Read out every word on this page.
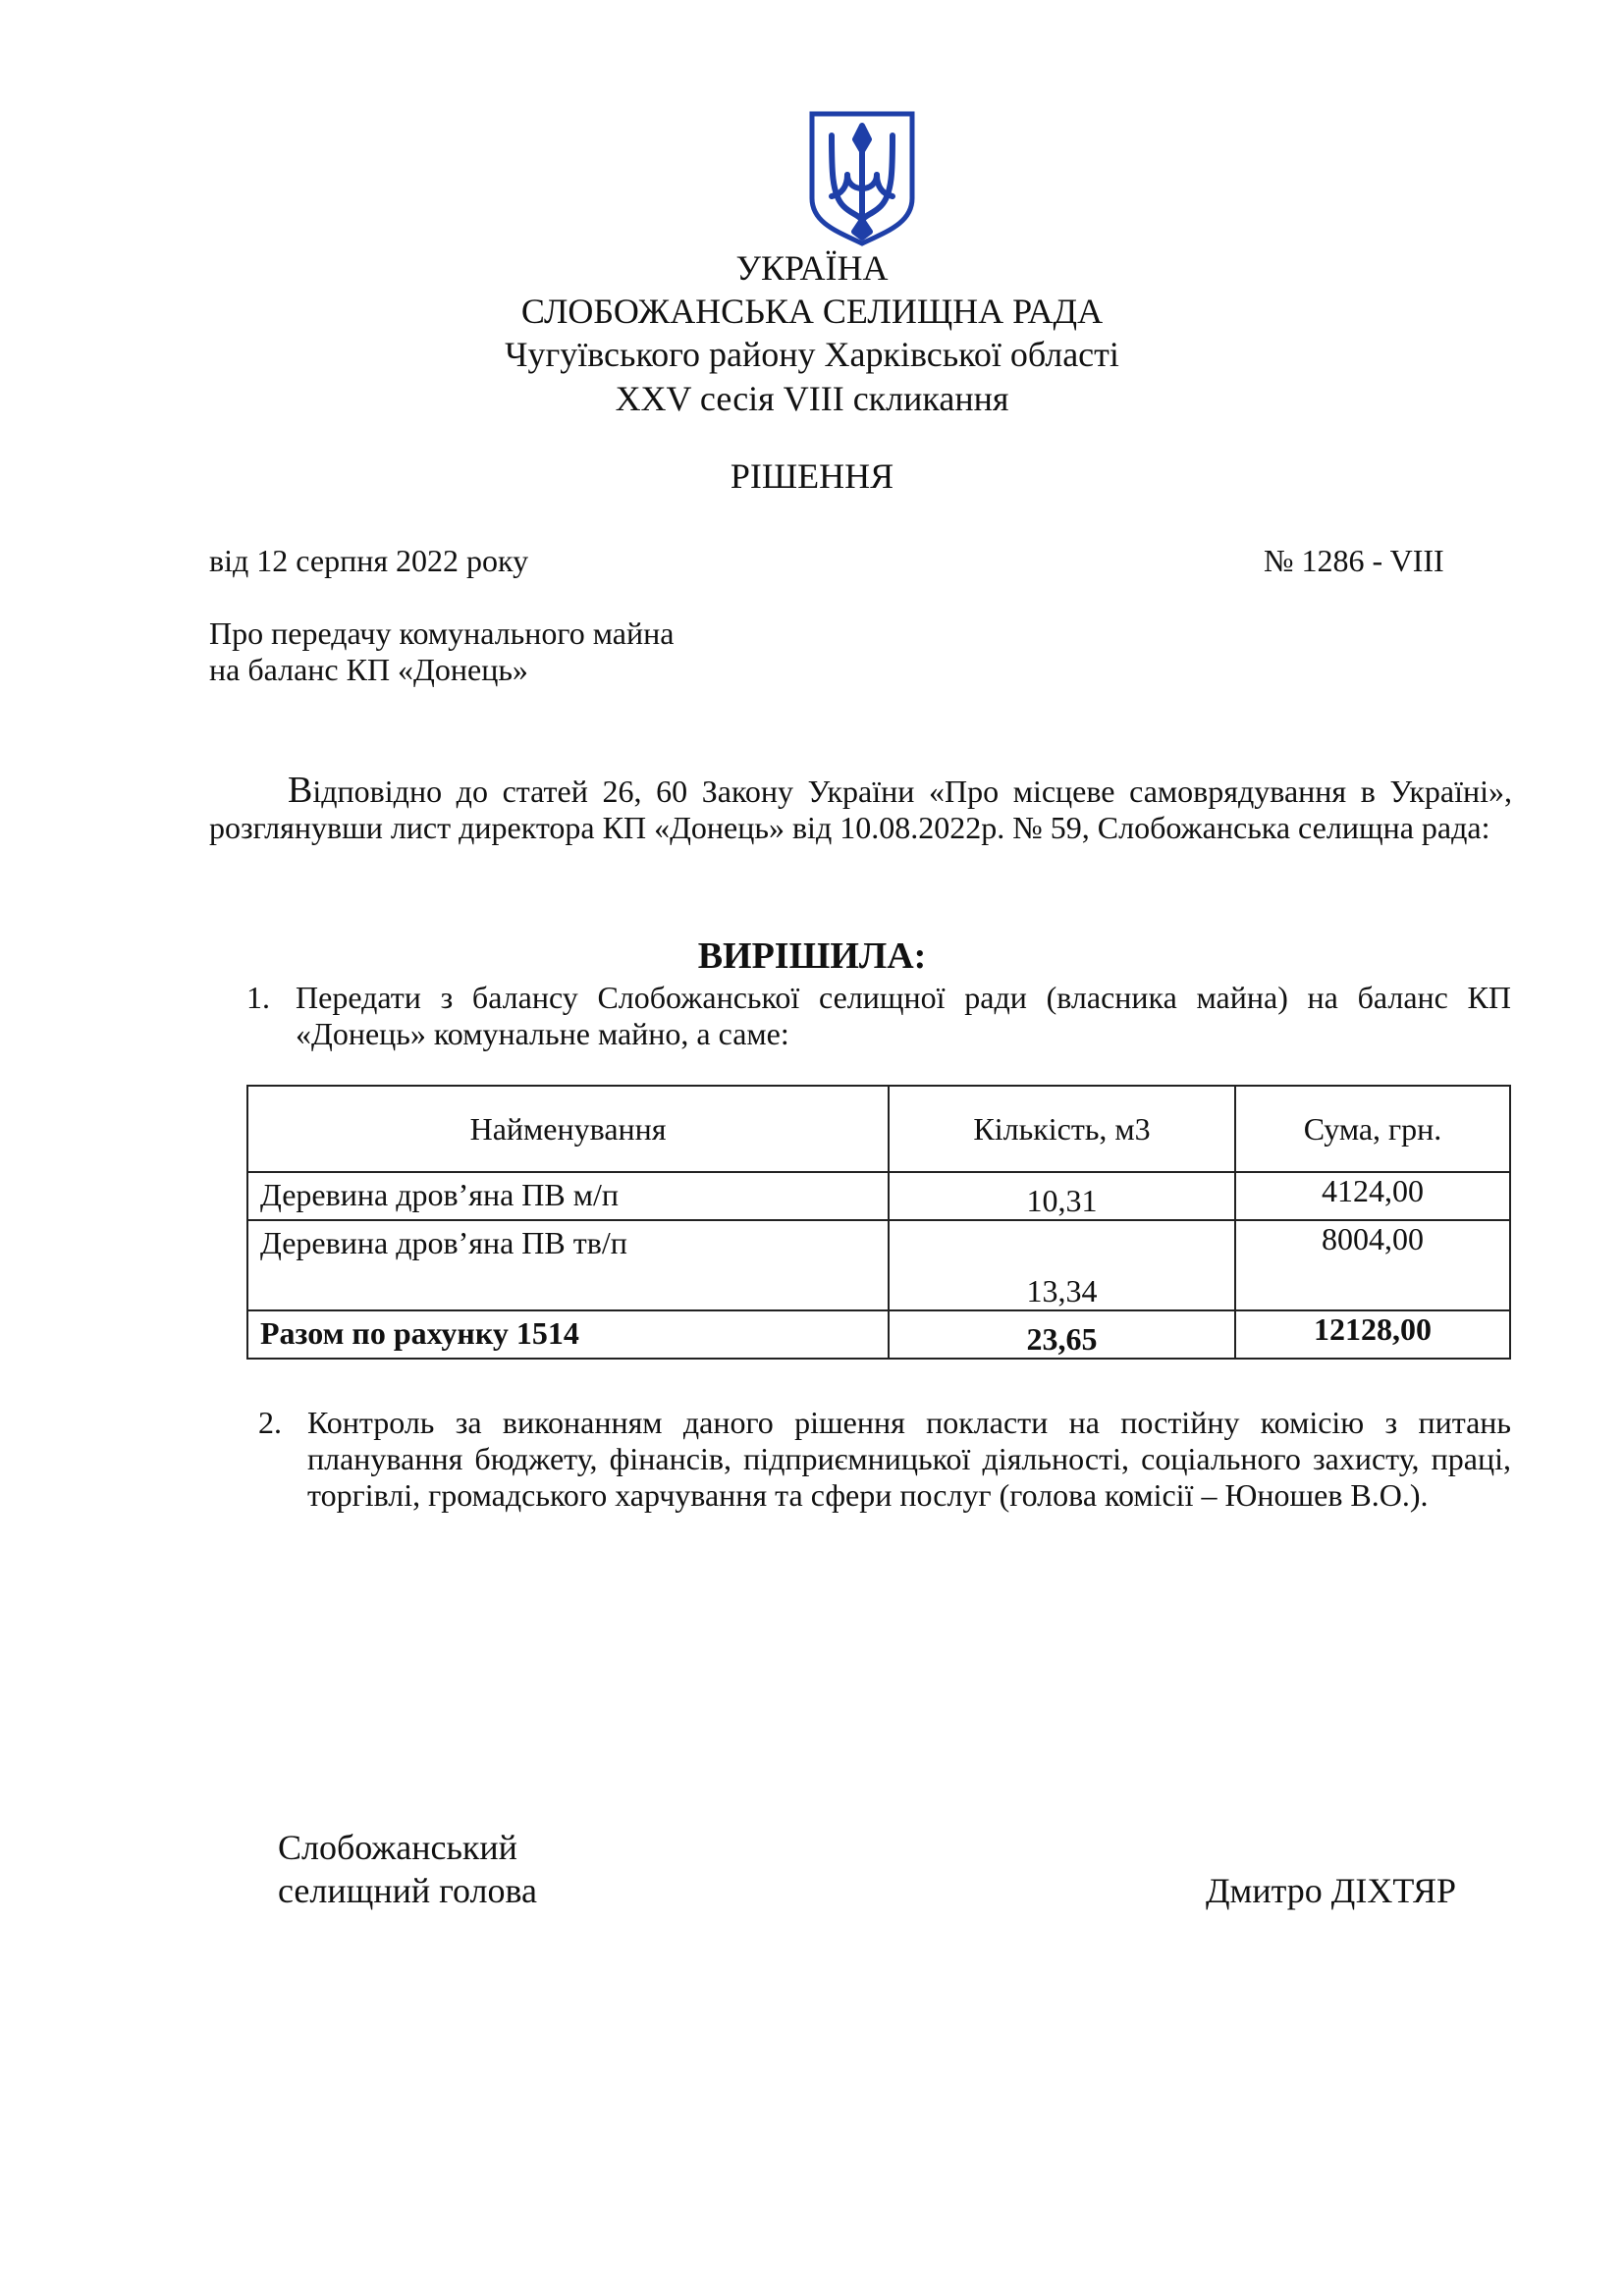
УКРАЇНА
СЛОБОЖАНСЬКА СЕЛИЩНА РАДА
Чугуївського району Харківської області
XXV сесія VIII скликання
РІШЕННЯ
від 12 серпня 2022 року	№ 1286 - VIII
Про передачу комунального майна
на баланс КП «Донець»
Відповідно до статей 26, 60 Закону України «Про місцеве самоврядування в Україні», розглянувши лист директора КП «Донець» від 10.08.2022р. № 59, Слобожанська селищна рада:
ВИРІШИЛА:
1. Передати з балансу Слобожанської селищної ради (власника майна) на баланс КП «Донець» комунальне майно, а саме:
Найменування	Кількість, м3	Сума, грн.
Деревина дров’яна ПВ м/п	10,31	4124,00
Деревина дров’яна ПВ тв/п	13,34	8004,00
Разом по рахунку 1514	23,65	12128,00
2. Контроль за виконанням даного рішення покласти на постійну комісію з питань планування бюджету, фінансів, підприємницької діяльності, соціального захисту, праці, торгівлі, громадського харчування та сфери послуг (голова комісії – Юношев В.О.).
Слобожанський
селищний голова	Дмитро ДІХТЯР
